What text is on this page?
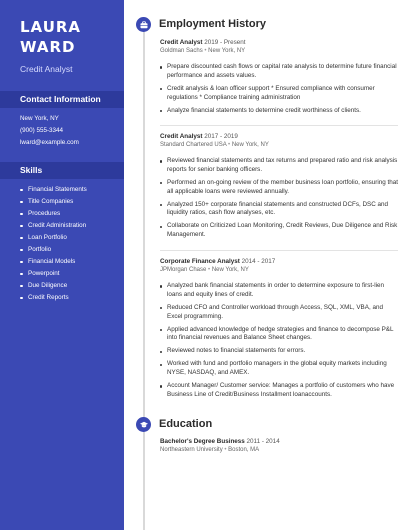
LAURA
WARD
Credit Analyst
Contact Information
New York, NY
(900) 555-3344
lward@example.com
Skills
Financial Statements
Title Companies
Procedures
Credit Administration
Loan Portfolio
Portfolio
Financial Models
Powerpoint
Due Diligence
Credit Reports
Employment History
Credit Analyst 2019 - Present
Goldman Sachs • New York, NY
Prepare discounted cash flows or capital rate analysis to determine future financial performance and assets values.
Credit analysis & loan officer support * Ensured compliance with consumer regulations * Compliance training administration
Analyze financial statements to determine credit worthiness of clients.
Credit Analyst 2017 - 2019
Standard Chartered USA • New York, NY
Reviewed financial statements and tax returns and prepared ratio and risk analysis reports for senior banking officers.
Performed an on-going review of the member business loan portfolio, ensuring that all applicable loans were reviewed annually.
Analyzed 150+ corporate financial statements and constructed DCFs, DSC and liquidity ratios, cash flow analyses, etc.
Collaborate on Criticized Loan Monitoring, Credit Reviews, Due Diligence and Risk Management.
Corporate Finance Analyst 2014 - 2017
JPMorgan Chase • New York, NY
Analyzed bank financial statements in order to determine exposure to first-lien loans and equity lines of credit.
Reduced CFO and Controller workload through Access, SQL, XML, VBA, and Excel programming.
Applied advanced knowledge of hedge strategies and finance to decompose P&L into financial revenues and Balance Sheet changes.
Reviewed notes to financial statements for errors.
Worked with fund and portfolio managers in the global equity markets including NYSE, NASDAQ, and AMEX.
Account Manager/ Customer service: Manages a portfolio of customers who have Business Line of Credit/Business Installment loanaccounts.
Education
Bachelor's Degree Business 2011 - 2014
Northeastern University • Boston, MA
